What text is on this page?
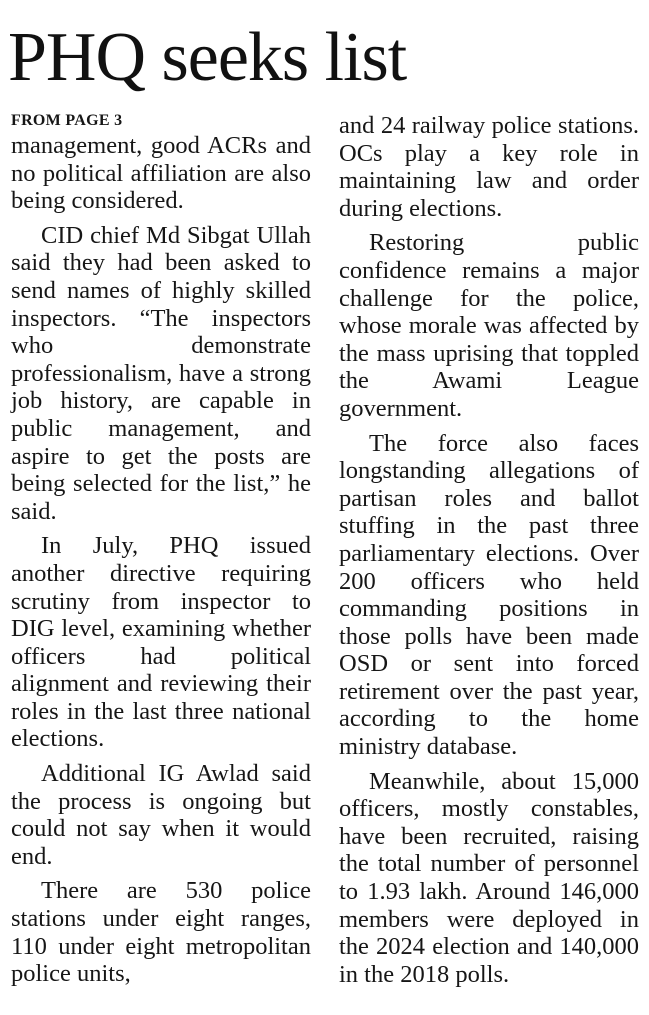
PHQ seeks list
FROM PAGE 3

management, good ACRs and no political affiliation are also being considered.

CID chief Md Sibgat Ullah said they had been asked to send names of highly skilled inspectors. “The inspectors who demonstrate professionalism, have a strong job history, are capable in public management, and aspire to get the posts are being selected for the list,” he said.

In July, PHQ issued another directive requiring scrutiny from inspector to DIG level, examining whether officers had political alignment and reviewing their roles in the last three national elections.

Additional IG Awlad said the process is ongoing but could not say when it would end.

There are 530 police stations under eight ranges, 110 under eight metropolitan police units,

and 24 railway police stations. OCs play a key role in maintaining law and order during elections.

Restoring public confidence remains a major challenge for the police, whose morale was affected by the mass uprising that toppled the Awami League government.

The force also faces longstanding allegations of partisan roles and ballot stuffing in the past three parliamentary elections. Over 200 officers who held commanding positions in those polls have been made OSD or sent into forced retirement over the past year, according to the home ministry database.

Meanwhile, about 15,000 officers, mostly constables, have been recruited, raising the total number of personnel to 1.93 lakh. Around 146,000 members were deployed in the 2024 election and 140,000 in the 2018 polls.
